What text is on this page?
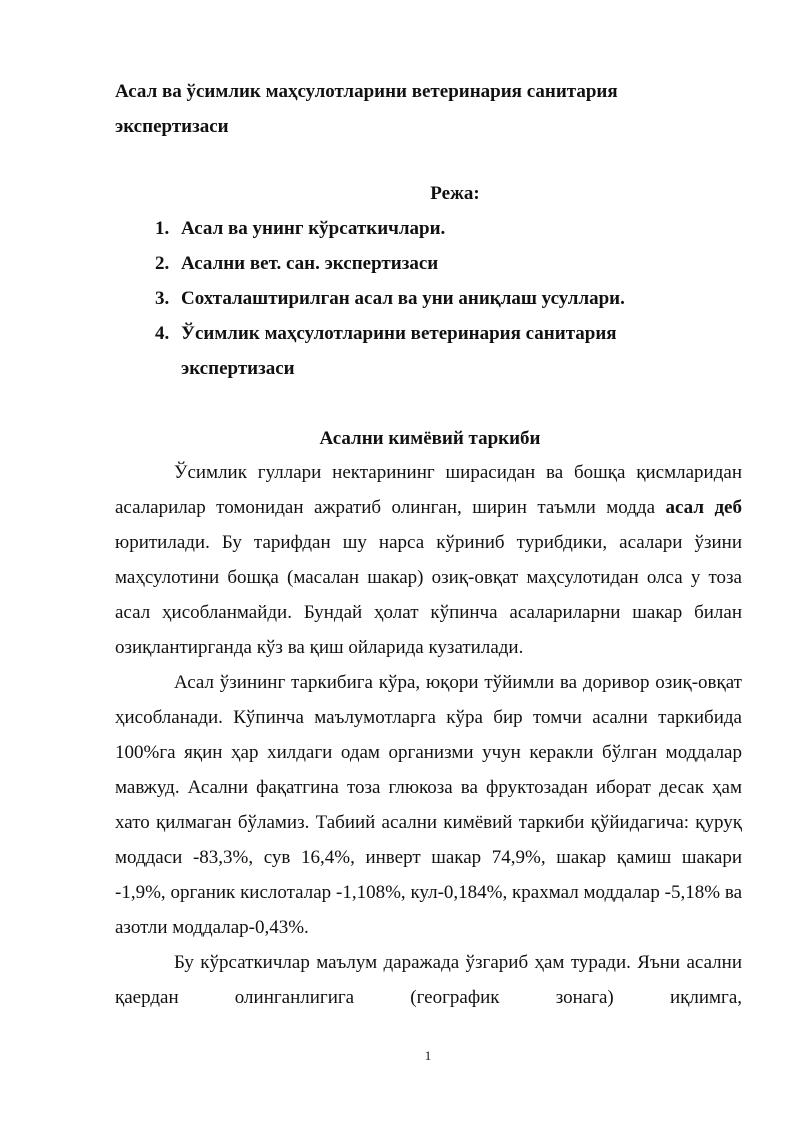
Асал ва ўсимлик маҳсулотларини ветеринария санитария экспертизаси
Режа:
1. Асал ва унинг кўрсаткичлари.
2. Асални вет. сан. экспертизаси
3. Сохталаштирилган асал ва уни аниқлаш усуллари.
4. Ўсимлик маҳсулотларини ветеринария санитария экспертизаси
Асални кимёвий таркиби

Ўсимлик гуллари нектарининг ширасидан ва бошқа қисмларидан асаларилар томонидан ажратиб олинган, ширин таъмли модда асал деб юритилади. Бу тарифдан шу нарса кўриниб турибдики, асалари ўзини маҳсулотини бошқа (масалан шакар) озиқ-овқат маҳсулотидан олса у тоза асал ҳисобланмайди. Бундай ҳолат кўпинча асалариларни шакар билан озиқлантирганда кўз ва қиш ойларида кузатилади.

Асал ўзининг таркибига кўра, юқори тўйимли ва доривор озиқ-овқат ҳисобланади. Кўпинча маълумотларга кўра бир томчи асални таркибида 100%га яқин ҳар хилдаги одам организми учун керакли бўлган моддалар мавжуд. Асални фақатгина тоза глюкоза ва фруктозадан иборат десак ҳам хато қилмаган бўламиз. Табиий асални кимёвий таркиби қўйидагича: қуруқ моддаси -83,3%, сув 16,4%, инверт шакар 74,9%, шакар қамиш шакари -1,9%, органик кислоталар -1,108%, кул-0,184%, крахмал моддалар -5,18% ва азотли моддалар-0,43%.

Бу кўрсаткичлар маълум даражада ўзгариб ҳам туради. Яъни асални қаердан олинганлигига (географик зонага) иқлимга,

1
